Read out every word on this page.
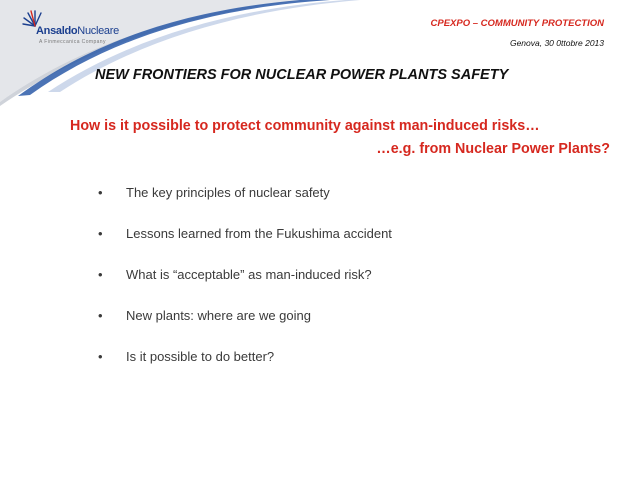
AnsaldoNucleare
A Finmeccanica Company
CPEXPO – COMMUNITY PROTECTION
Genova, 30 0ttobre 2013
NEW FRONTIERS FOR NUCLEAR POWER PLANTS SAFETY
How is it possible to protect community against man-induced risks…
…e.g. from Nuclear Power Plants?
• The key principles of nuclear safety
• Lessons learned from the Fukushima accident
• What is “acceptable” as man-induced risk?
• New plants: where are we going
• Is it possible to do better?
